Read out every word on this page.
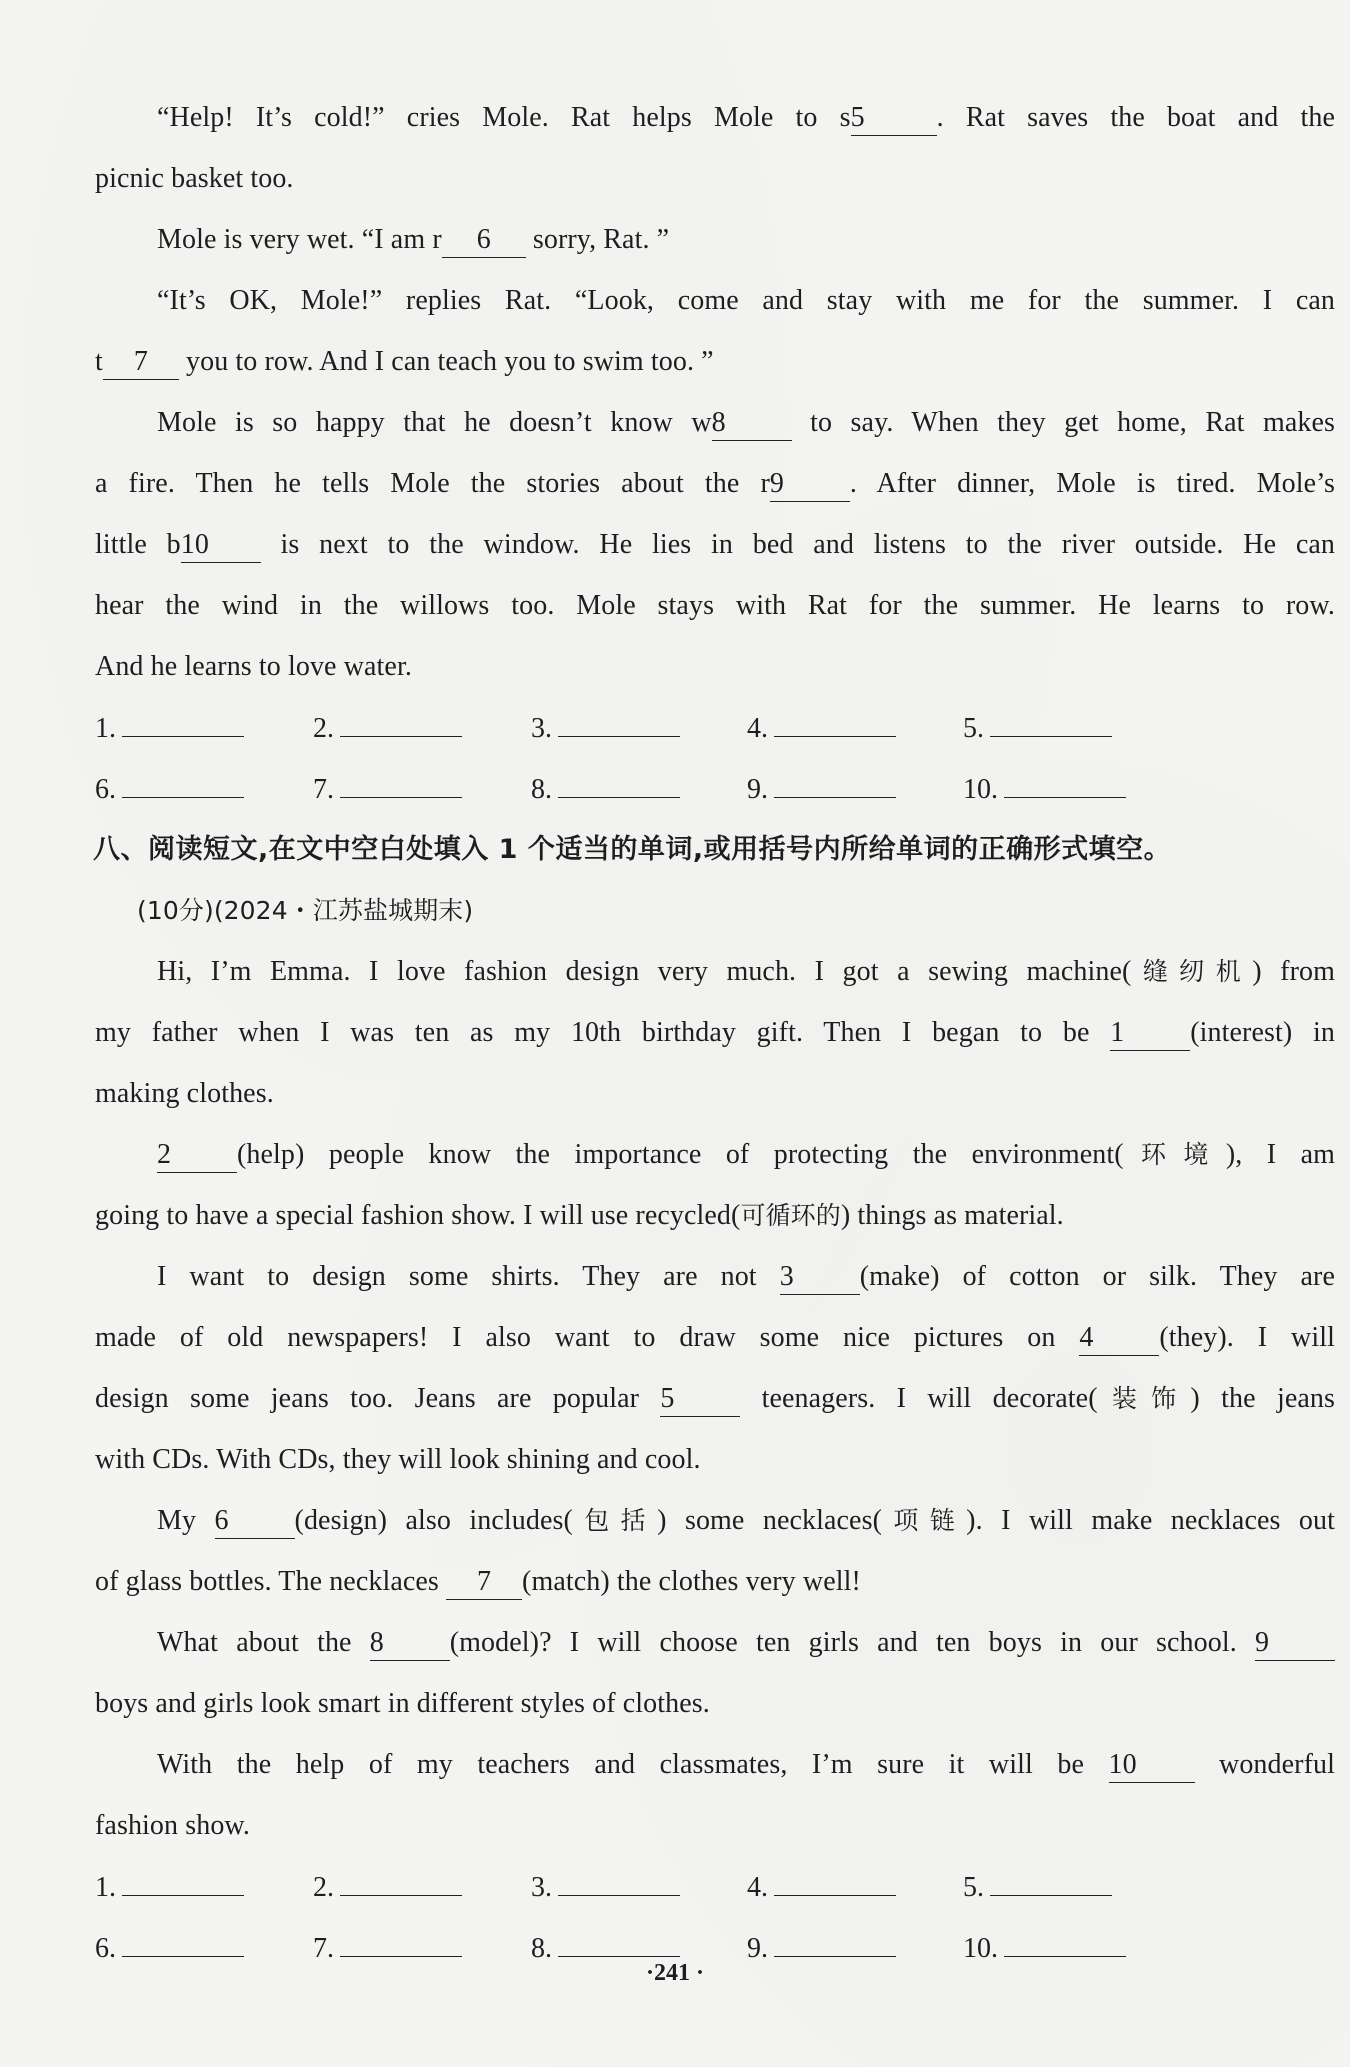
“Help! It’s cold!” cries Mole. Rat helps Mole to s5	. Rat saves the boat and the
picnic basket too.
Mole is very wet. “I am r 6 sorry, Rat. ”
“It’s OK, Mole!” replies Rat. “Look, come and stay with me for the summer. I can
t 7 you to row. And I can teach you to swim too. ”
Mole is so happy that he doesn’t know w8 to say. When they get home, Rat makes
a fire. Then he tells Mole the stories about the r9 . After dinner, Mole is tired. Mole’s
little b10 is next to the window. He lies in bed and listens to the river outside. He can
hear the wind in the willows too. Mole stays with Rat for the summer. He learns to row.
And he learns to love water.
1.	2.	3.	4.	5.
6.	7.	8.	9.	10.
八、阅读短文,在文中空白处填入 1 个适当的单词,或用括号内所给单词的正确形式填空。
(10分)(2024・江苏盐城期末)
Hi, I’m Emma. I love fashion design very much. I got a sewing machine(缝纫机) from
my father when I was ten as my 10th birthday gift. Then I began to be 1 (interest) in
making clothes.
2 (help) people know the importance of protecting the environment(环境), I am
going to have a special fashion show. I will use recycled(可循环的) things as material.
I want to design some shirts. They are not 3 (make) of cotton or silk. They are
made of old newspapers! I also want to draw some nice pictures on 4 (they). I will
design some jeans too. Jeans are popular 5	teenagers. I will decorate(装饰) the jeans
with CDs. With CDs, they will look shining and cool.
My 6 (design) also includes(包括) some necklaces(项链). I will make necklaces out
of glass bottles. The necklaces 7 (match) the clothes very well!
What about the 8 (model)? I will choose ten girls and ten boys in our school. 9
boys and girls look smart in different styles of clothes.
With the help of my teachers and classmates, I’m sure it will be 10	wonderful
fashion show.
1.	2.	3.	4.	5.
6.	7.	8.	9.	10.
·241 ·
